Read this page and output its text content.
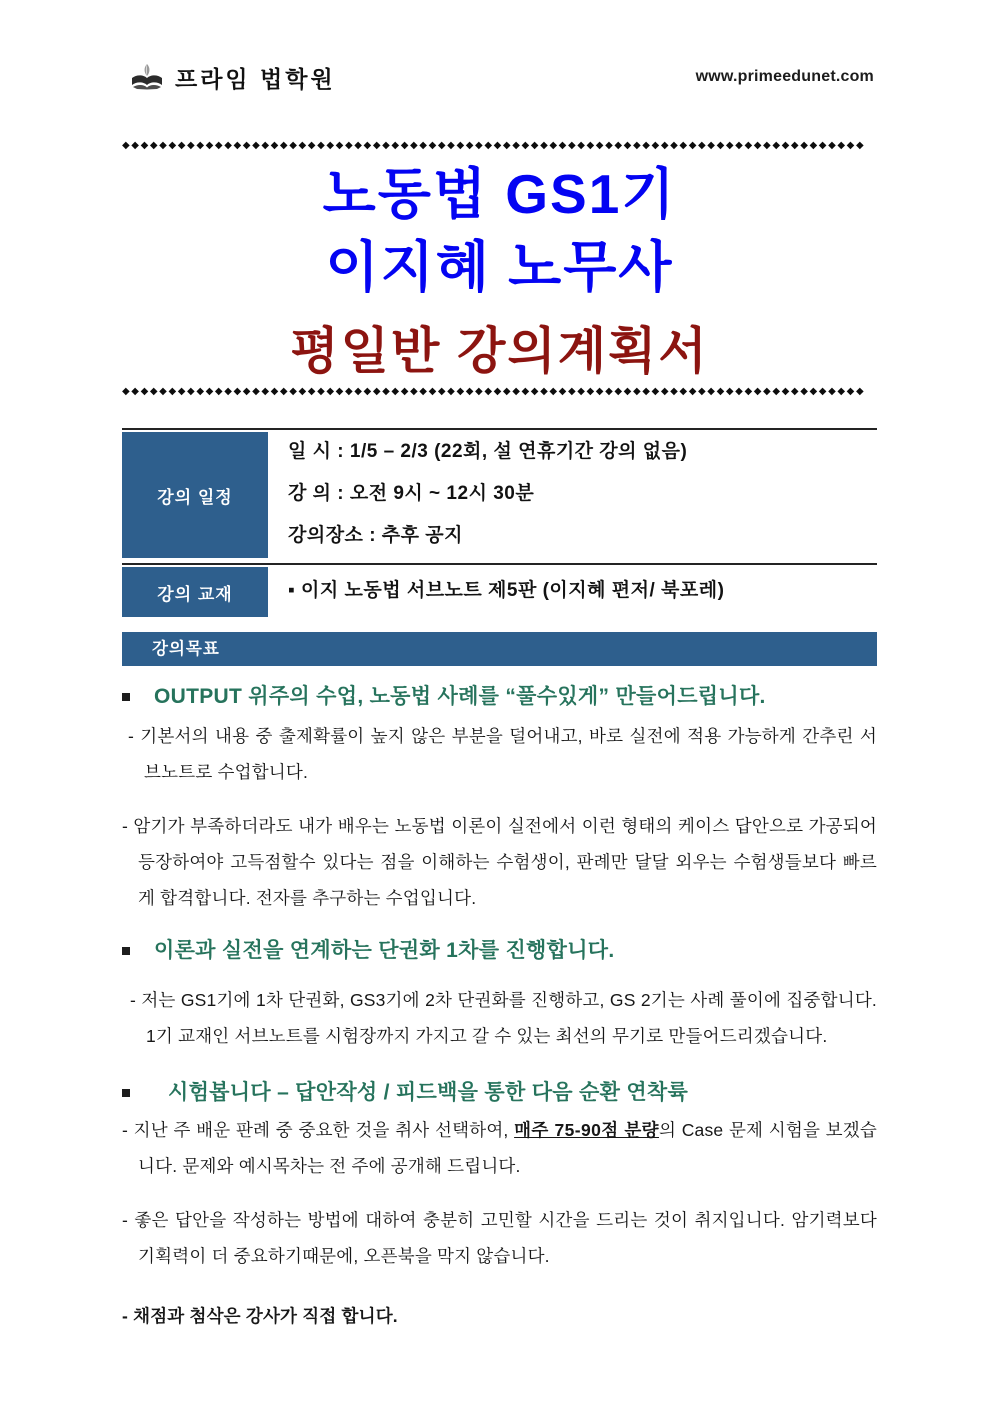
프라임 법학원	www.primeedunet.com
◆◆◆◆◆◆◆◆◆◆◆◆◆◆◆◆◆◆◆◆◆◆◆◆◆◆◆◆◆◆◆◆◆◆◆◆◆◆◆◆◆◆◆◆◆◆◆◆◆◆◆◆◆◆◆◆◆◆◆◆◆◆◆◆◆◆◆◆◆◆◆◆◆◆◆◆◆◆◆◆
노동법 GS1기
이지혜 노무사
평일반 강의계획서
◆◆◆◆◆◆◆◆◆◆◆◆◆◆◆◆◆◆◆◆◆◆◆◆◆◆◆◆◆◆◆◆◆◆◆◆◆◆◆◆◆◆◆◆◆◆◆◆◆◆◆◆◆◆◆◆◆◆◆◆◆◆◆◆◆◆◆◆◆◆◆◆◆◆◆◆◆◆◆◆
강의 일정
일 시 : 1/5 – 2/3 (22회, 설 연휴기간 강의 없음)
강 의 : 오전 9시 ~ 12시 30분
강의장소 : 추후 공지
강의 교재	▪ 이지 노동법 서브노트 제5판 (이지혜 편저/ 북포레)
강의목표
OUTPUT 위주의 수업, 노동법 사례를 “풀수있게” 만들어드립니다.

- 기본서의 내용 중 출제확률이 높지 않은 부분을 덜어내고, 바로 실전에 적용 가능하게 간추린 서브노트로 수업합니다.

- 암기가 부족하더라도 내가 배우는 노동법 이론이 실전에서 이런 형태의 케이스 답안으로 가공되어 등장하여야 고득점할수 있다는 점을 이해하는 수험생이, 판례만 달달 외우는 수험생들보다 빠르게 합격합니다. 전자를 추구하는 수업입니다.

이론과 실전을 연계하는 단권화 1차를 진행합니다.

- 저는 GS1기에 1차 단권화, GS3기에 2차 단권화를 진행하고, GS 2기는 사례 풀이에 집중합니다. 1기 교재인 서브노트를 시험장까지 가지고 갈 수 있는 최선의 무기로 만들어드리겠습니다.

시험봅니다 – 답안작성 / 피드백을 통한 다음 순환 연착륙

- 지난 주 배운 판례 중 중요한 것을 취사 선택하여, 매주 75-90점 분량의 Case 문제 시험을 보겠습니다. 문제와 예시목차는 전 주에 공개해 드립니다.

- 좋은 답안을 작성하는 방법에 대하여 충분히 고민할 시간을 드리는 것이 취지입니다. 암기력보다 기획력이 더 중요하기때문에, 오픈북을 막지 않습니다.

- 채점과 첨삭은 강사가 직접 합니다.
